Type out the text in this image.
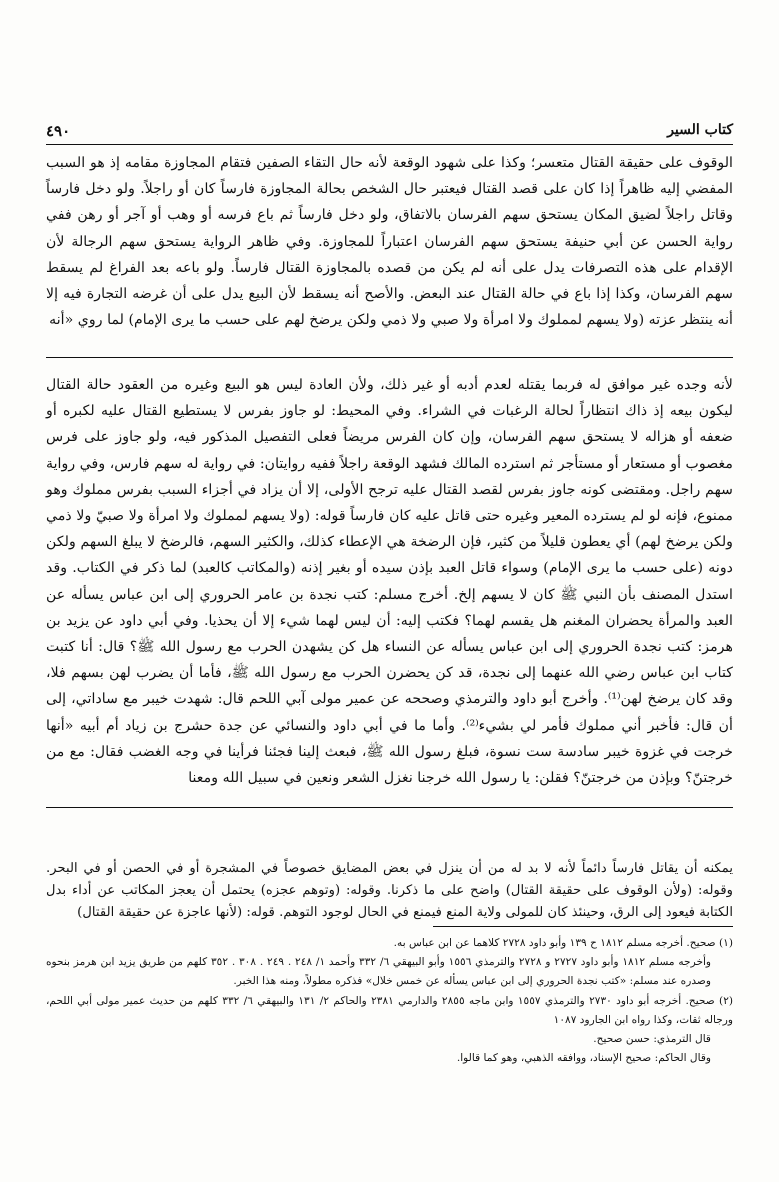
٤٩٠	كتاب السير

الوقوف على حقيقة القتال متعسر؛ وكذا على شهود الوقعة لأنه حال التقاء الصفين فتقام المجاوزة مقامه إذ هو السبب المفضي إليه ظاهراً إذا كان على قصد القتال فيعتبر حال الشخص بحالة المجاوزة فارساً كان أو راجلاً. ولو دخل فارساً وقاتل راجلاً لضيق المكان يستحق سهم الفرسان بالاتفاق، ولو دخل فارساً ثم باع فرسه أو وهب أو آجر أو رهن ففي رواية الحسن عن أبي حنيفة يستحق سهم الفرسان اعتباراً للمجاوزة. وفي ظاهر الرواية يستحق سهم الرجالة لأن الإقدام على هذه التصرفات يدل على أنه لم يكن من قصده بالمجاوزة القتال فارساً. ولو باعه بعد الفراغ لم يسقط سهم الفرسان، وكذا إذا باع في حالة القتال عند البعض. والأصح أنه يسقط لأن البيع يدل على أن غرضه التجارة فيه إلا أنه ينتظر عزته (ولا يسهم لمملوك ولا امرأة ولا صبي ولا ذمي ولكن يرضخ لهم على حسب ما يرى الإمام) لما روي «أنه

لأنه وجده غير موافق له فربما يقتله لعدم أدبه أو غير ذلك، ولأن العادة ليس هو البيع وغيره من العقود حالة القتال ليكون بيعه إذ ذاك انتظاراً لحالة الرغبات في الشراء. وفي المحيط: لو جاوز بفرس لا يستطيع القتال عليه لكبره أو ضعفه أو هزاله لا يستحق سهم الفرسان، وإن كان الفرس مريضاً فعلى التفصيل المذكور فيه، ولو جاوز على فرس مغصوب أو مستعار أو مستأجر ثم استرده المالك فشهد الوقعة راجلاً ففيه روايتان: في رواية له سهم فارس، وفي رواية سهم راجل. ومقتضى كونه جاوز بفرس لقصد القتال عليه ترجح الأولى، إلا أن يزاد في أجزاء السبب بفرس مملوك وهو ممنوع، فإنه لو لم يسترده المعير وغيره حتى قاتل عليه كان فارساً قوله: (ولا يسهم لمملوك ولا امرأة ولا صبيّ ولا ذمي ولكن يرضخ لهم) أي يعطون قليلاً من كثير، فإن الرضخة هي الإعطاء كذلك، والكثير السهم، فالرضخ لا يبلغ السهم ولكن دونه (على حسب ما يرى الإمام) وسواء قاتل العبد بإذن سيده أو بغير إذنه (والمكاتب كالعبد) لما ذكر في الكتاب. وقد استدل المصنف بأن النبي ﷺ كان لا يسهم إلخ. أخرج مسلم: كتب نجدة بن عامر الحروري إلى ابن عباس يسأله عن العبد والمرأة يحضران المغنم هل يقسم لهما؟ فكتب إليه: أن ليس لهما شيء إلا أن يحذيا. وفي أبي داود عن يزيد بن هرمز: كتب نجدة الحروري إلى ابن عباس يسأله عن النساء هل كن يشهدن الحرب مع رسول الله ﷺ؟ قال: أنا كتبت كتاب ابن عباس رضي الله عنهما إلى نجدة، قد كن يحضرن الحرب مع رسول الله ﷺ، فأما أن يضرب لهن بسهم فلا، وقد كان يرضخ لهن⁽¹⁾. وأخرج أبو داود والترمذي وصححه عن عمير مولى آبي اللحم قال: شهدت خيبر مع ساداتي، إلى أن قال: فأخبر أني مملوك فأمر لي بشيء⁽²⁾. وأما ما في أبي داود والنسائي عن جدة حشرج بن زياد أم أبيه «أنها خرجت في غزوة خيبر سادسة ست نسوة، فبلغ رسول الله ﷺ، فبعث إلينا فجئنا فرأينا في وجه الغضب فقال: مع من خرجتنّ؟ وبإذن من خرجتنّ؟ فقلن: يا رسول الله خرجنا نغزل الشعر ونعين في سبيل الله ومعنا

يمكنه أن يقاتل فارساً دائماً لأنه لا بد له من أن ينزل في بعض المضايق خصوصاً في المشجرة أو في الحصن أو في البحر. وقوله: (ولأن الوقوف على حقيقة القتال) واضح على ما ذكرنا. وقوله: (وتوهم عجزه) يحتمل أن يعجز المكاتب عن أداء بدل الكتابة فيعود إلى الرق، وحينئذ كان للمولى ولاية المنع فيمنع في الحال لوجود التوهم. قوله: (لأنها عاجزة عن حقيقة القتال)

(١) صحيح. أخرجه مسلم ١٨١٢ ح ١٣٩ وأبو داود ٢٧٢٨ كلاهما عن ابن عباس به.

وأخرجه مسلم ١٨١٢ وأبو داود ٢٧٢٧ و ٢٧٢٨ والترمذي ١٥٥٦ وأبو البيهقي ٦/ ٣٣٢ وأحمد ١/ ٢٤٨ . ٢٤٩ . ٣٠٨ . ٣٥٢ كلهم من طريق يزيد ابن هرمز بنحوه وصدره عند مسلم: «كتب نجدة الحروري إلى ابن عباس يسأله عن خمس خلال» فذكره مطولاً، ومنه هذا الخبر.

(٢) صحيح. أخرجه أبو داود ٢٧٣٠ والترمذي ١٥٥٧ وابن ماجه ٢٨٥٥ والدارمي ٢٣٨١ والحاكم ٢/ ١٣١ والبيهقي ٦/ ٣٣٢ كلهم من حديث عمير مولى أبي اللحم، ورجاله ثقات، وكذا رواه ابن الجارود ١٠٨٧

قال الترمذي: حسن صحيح.

وقال الحاكم: صحيح الإسناد، ووافقه الذهبي، وهو كما قالوا.
